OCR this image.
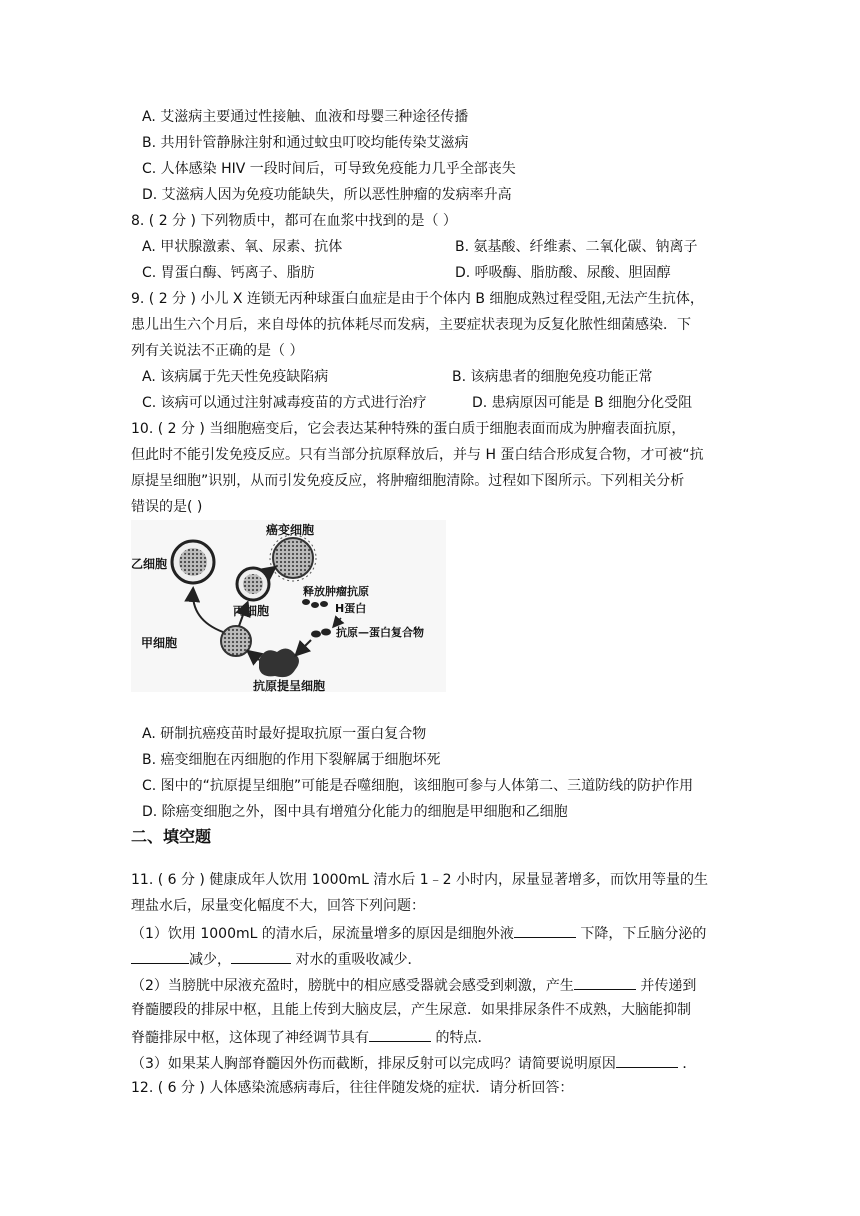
A. 艾滋病主要通过性接触、血液和母婴三种途径传播
B. 共用针管静脉注射和通过蚊虫叮咬均能传染艾滋病
C. 人体感染 HIV 一段时间后，可导致免疫能力几乎全部丧失
D. 艾滋病人因为免疫功能缺失，所以恶性肿瘤的发病率升高
8. ( 2 分 ) 下列物质中，都可在血浆中找到的是（ ）
A. 甲状腺激素、氧、尿素、抗体	B. 氨基酸、纤维素、二氧化碳、钠离子
C. 胃蛋白酶、钙离子、脂肪	D. 呼吸酶、脂肪酸、尿酸、胆固醇
9. ( 2 分 ) 小儿 X 连锁无丙种球蛋白血症是由于个体内 B 细胞成熟过程受阻,无法产生抗体，
患儿出生六个月后，来自母体的抗体耗尽而发病，主要症状表现为反复化脓性细菌感染．下
列有关说法不正确的是（ ）
A. 该病属于先天性免疫缺陷病	B. 该病患者的细胞免疫功能正常
C. 该病可以通过注射减毒疫苗的方式进行治疗	D. 患病原因可能是 B 细胞分化受阻
10. ( 2 分 ) 当细胞癌变后，它会表达某种特殊的蛋白质于细胞表面而成为肿瘤表面抗原，
但此时不能引发免疫反应。只有当部分抗原释放后，并与 H 蛋白结合形成复合物，才可被“抗
原提呈细胞”识别，从而引发免疫反应，将肿瘤细胞清除。过程如下图所示。下列相关分析
错误的是( )
癌变细胞
释放肿瘤抗原
H蛋白
乙细胞
丙细胞
甲细胞
抗原—蛋白复合物
抗原提呈细胞
A. 研制抗癌疫苗时最好提取抗原一蛋白复合物
B. 癌变细胞在丙细胞的作用下裂解属于细胞坏死
C. 图中的“抗原提呈细胞”可能是吞噬细胞，该细胞可参与人体第二、三道防线的防护作用
D. 除癌变细胞之外，图中具有增殖分化能力的细胞是甲细胞和乙细胞
二、填空题
11. ( 6 分 ) 健康成年人饮用 1000mL 清水后 1﹣2 小时内，尿量显著增多，而饮用等量的生
理盐水后，尿量变化幅度不大，回答下列问题：
（1）饮用 1000mL 的清水后，尿流量增多的原因是细胞外液	下降，下丘脑分泌的
减少，	对水的重吸收减少．
（2）当膀胱中尿液充盈时，膀胱中的相应感受器就会感受到刺激，产生	并传递到
脊髓腰段的排尿中枢，且能上传到大脑皮层，产生尿意．如果排尿条件不成熟，大脑能抑制
脊髓排尿中枢，这体现了神经调节具有	的特点．
（3）如果某人胸部脊髓因外伤而截断，排尿反射可以完成吗？请简要说明原因	．
12. ( 6 分 ) 人体感染流感病毒后，往往伴随发烧的症状．请分析回答：
